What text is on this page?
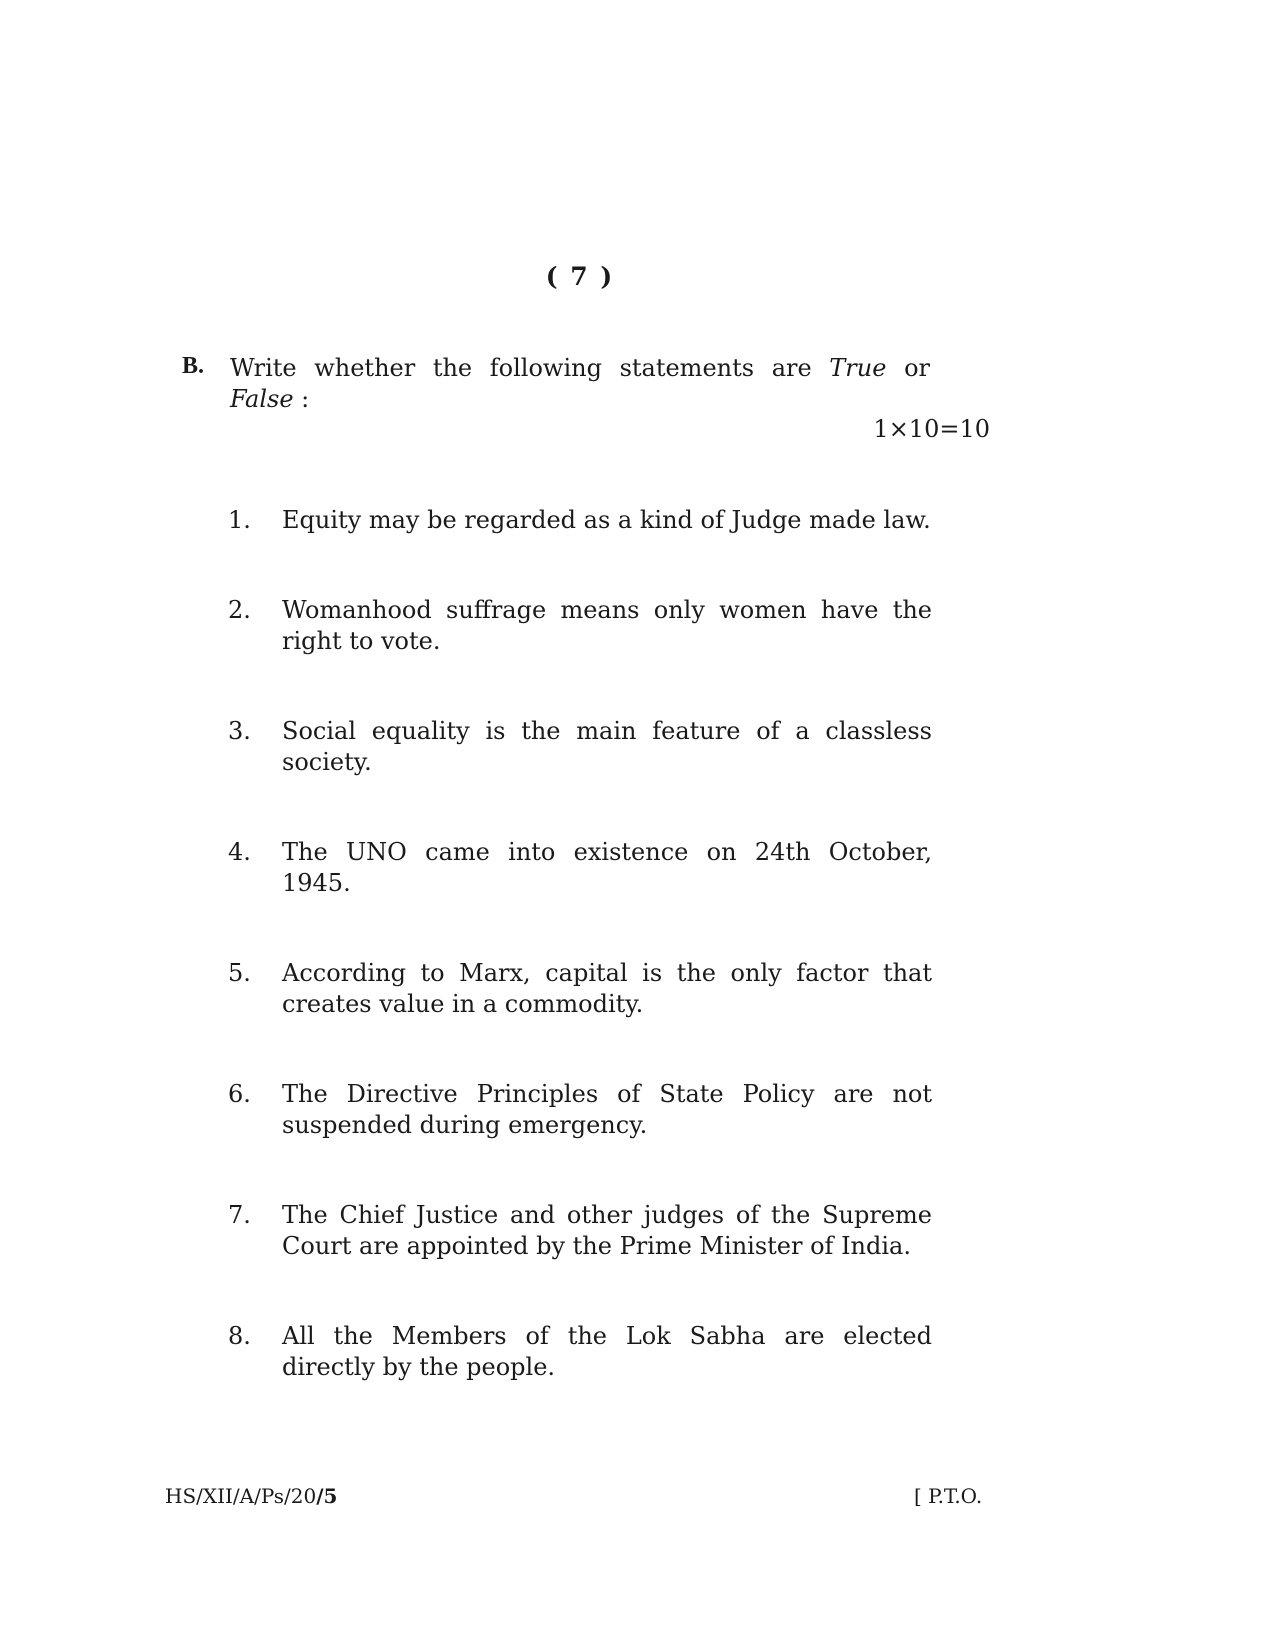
( 7 )
B. Write whether the following statements are True or
False :
1×10=10
1.	Equity may be regarded as a kind of Judge made law.
2.	Womanhood suffrage means only women have the right to vote.
3.	Social equality is the main feature of a classless society.
4.	The UNO came into existence on 24th October, 1945.
5.	According to Marx, capital is the only factor that creates value in a commodity.
6.	The Directive Principles of State Policy are not suspended during emergency.
7.	The Chief Justice and other judges of the Supreme Court are appointed by the Prime Minister of India.
8.	All the Members of the Lok Sabha are elected directly by the people.
HS/XII/A/Ps/20/5	[ P.T.O.
